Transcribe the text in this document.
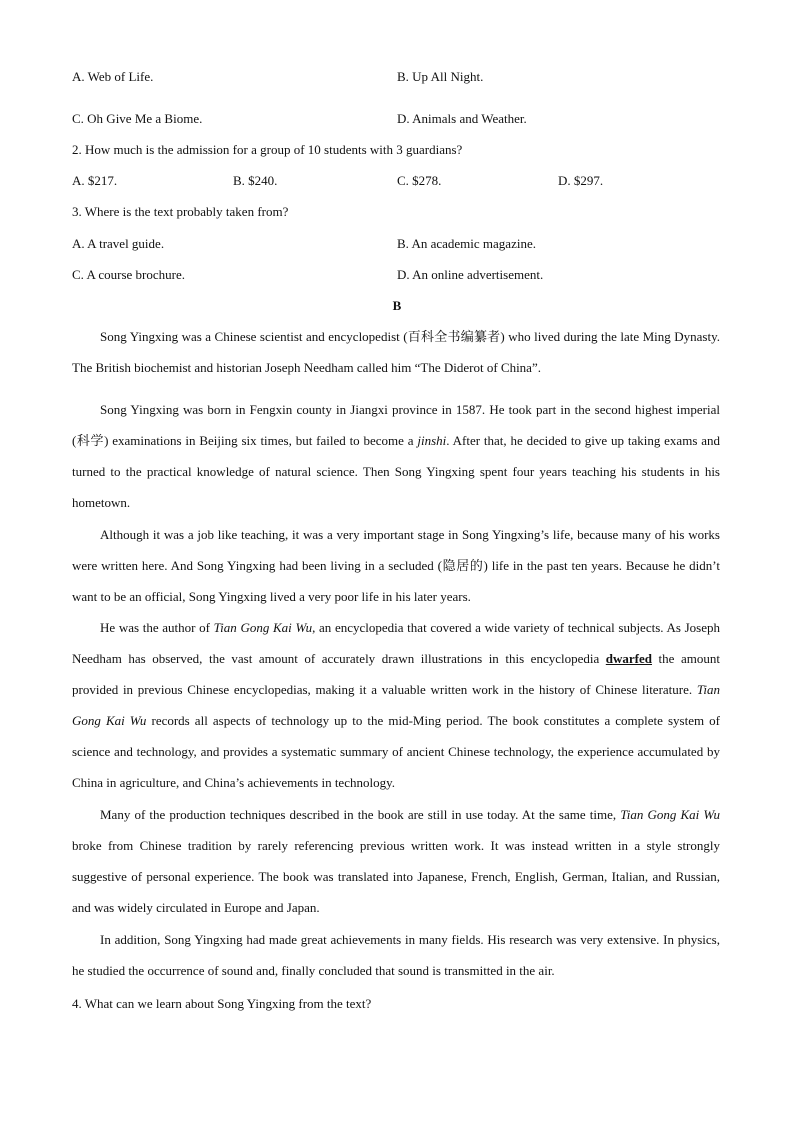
A. Web of Life.	B. Up All Night.
C. Oh Give Me a Biome.	D. Animals and Weather.
2. How much is the admission for a group of 10 students with 3 guardians?
A. $217.	B. $240.	C. $278.	D. $297.
3. Where is the text probably taken from?
A. A travel guide.	B. An academic magazine.
C. A course brochure.	D. An online advertisement.
B

Song Yingxing was a Chinese scientist and encyclopedist (百科全书编纂者) who lived during the late Ming Dynasty. The British biochemist and historian Joseph Needham called him “The Diderot of China”.

Song Yingxing was born in Fengxin county in Jiangxi province in 1587. He took part in the second highest imperial (科学) examinations in Beijing six times, but failed to become a jinshi. After that, he decided to give up taking exams and turned to the practical knowledge of natural science. Then Song Yingxing spent four years teaching his students in his hometown.

Although it was a job like teaching, it was a very important stage in Song Yingxing’s life, because many of his works were written here. And Song Yingxing had been living in a secluded (隐居的) life in the past ten years. Because he didn’t want to be an official, Song Yingxing lived a very poor life in his later years.

He was the author of Tian Gong Kai Wu, an encyclopedia that covered a wide variety of technical subjects. As Joseph Needham has observed, the vast amount of accurately drawn illustrations in this encyclopedia dwarfed the amount provided in previous Chinese encyclopedias, making it a valuable written work in the history of Chinese literature. Tian Gong Kai Wu records all aspects of technology up to the mid-Ming period. The book constitutes a complete system of science and technology, and provides a systematic summary of ancient Chinese technology, the experience accumulated by China in agriculture, and China’s achievements in technology.

Many of the production techniques described in the book are still in use today. At the same time, Tian Gong Kai Wu broke from Chinese tradition by rarely referencing previous written work. It was instead written in a style strongly suggestive of personal experience. The book was translated into Japanese, French, English, German, Italian, and Russian, and was widely circulated in Europe and Japan.

In addition, Song Yingxing had made great achievements in many fields. His research was very extensive. In physics, he studied the occurrence of sound and, finally concluded that sound is transmitted in the air.

4. What can we learn about Song Yingxing from the text?
